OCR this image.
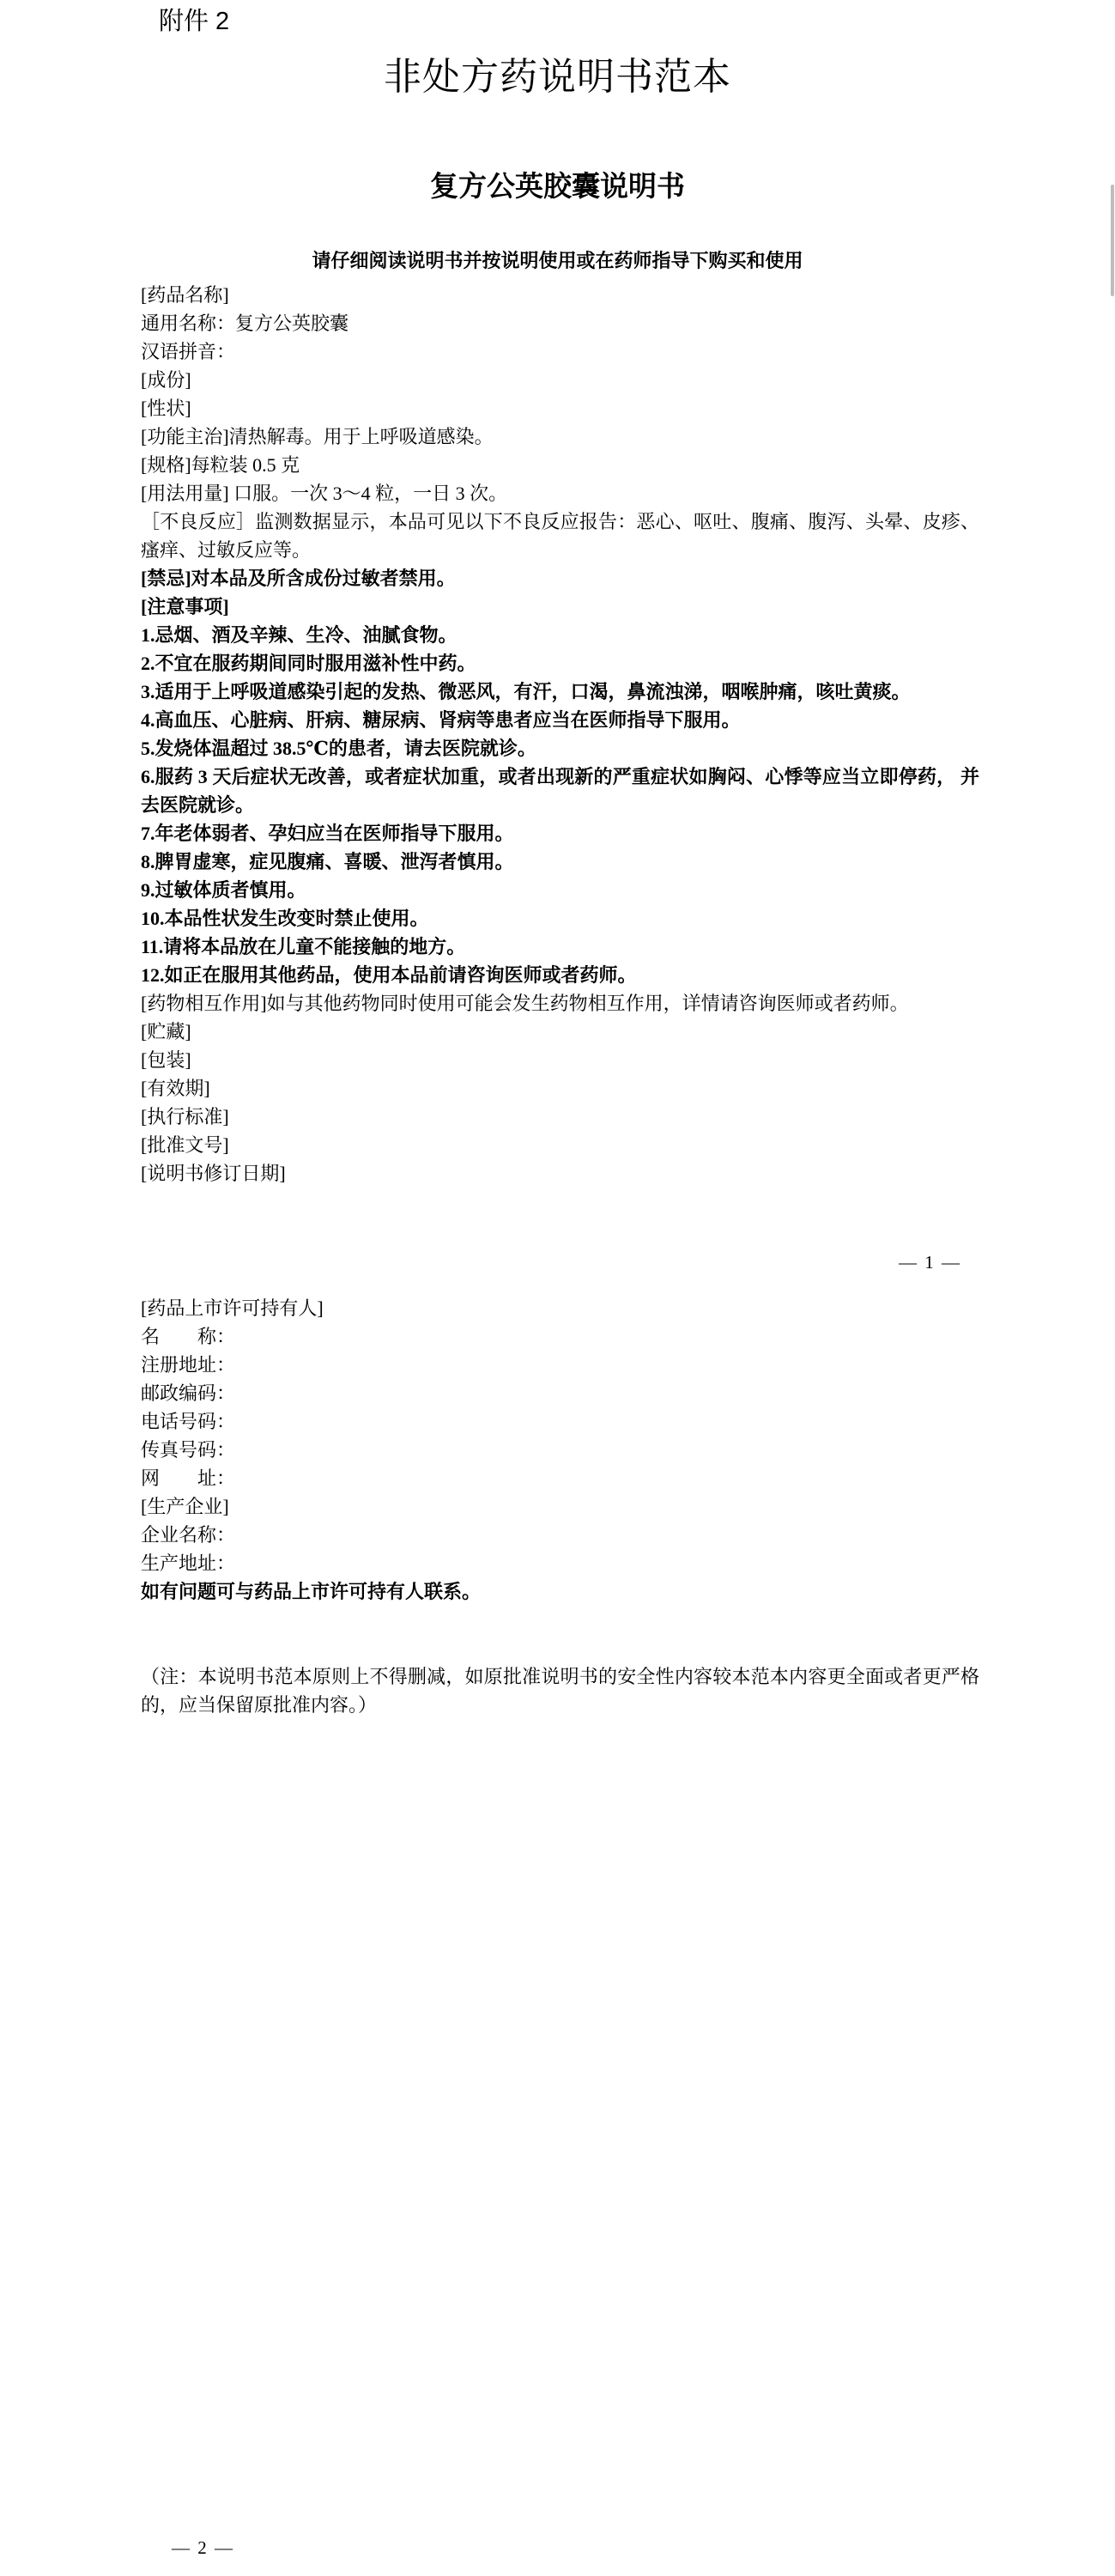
附件 2
非处方药说明书范本
复方公英胶囊说明书
请仔细阅读说明书并按说明使用或在药师指导下购买和使用
[药品名称]
通用名称：复方公英胶囊
汉语拼音：
[成份]
[性状]
[功能主治]清热解毒。用于上呼吸道感染。
[规格]每粒装 0.5 克
[用法用量] 口服。一次 3～4 粒，一日 3 次。
［不良反应］监测数据显示，本品可见以下不良反应报告：恶心、呕吐、腹痛、腹泻、头晕、皮疹、瘙痒、过敏反应等。
[禁忌]对本品及所含成份过敏者禁用。
[注意事项]
1.忌烟、酒及辛辣、生冷、油腻食物。
2.不宜在服药期间同时服用滋补性中药。
3.适用于上呼吸道感染引起的发热、微恶风，有汗，口渴，鼻流浊涕，咽喉肿痛，咳吐黄痰。
4.高血压、心脏病、肝病、糖尿病、肾病等患者应当在医师指导下服用。
5.发烧体温超过 38.5℃的患者，请去医院就诊。
6.服药 3 天后症状无改善，或者症状加重，或者出现新的严重症状如胸闷、心悸等应当立即停药， 并去医院就诊。
7.年老体弱者、孕妇应当在医师指导下服用。
8.脾胃虚寒，症见腹痛、喜暖、泄泻者慎用。
9.过敏体质者慎用。
10.本品性状发生改变时禁止使用。
11.请将本品放在儿童不能接触的地方。
12.如正在服用其他药品，使用本品前请咨询医师或者药师。
[药物相互作用]如与其他药物同时使用可能会发生药物相互作用，详情请咨询医师或者药师。
[贮藏]
[包装]
[有效期]
[执行标准]
[批准文号]
[说明书修订日期]
— 1 —
[药品上市许可持有人]
名　　称：
注册地址：
邮政编码：
电话号码：
传真号码：
网　　址：
[生产企业]
企业名称：
生产地址：
如有问题可与药品上市许可持有人联系。
（注：本说明书范本原则上不得删减，如原批准说明书的安全性内容较本范本内容更全面或者更严格的，应当保留原批准内容。）
— 2 —
